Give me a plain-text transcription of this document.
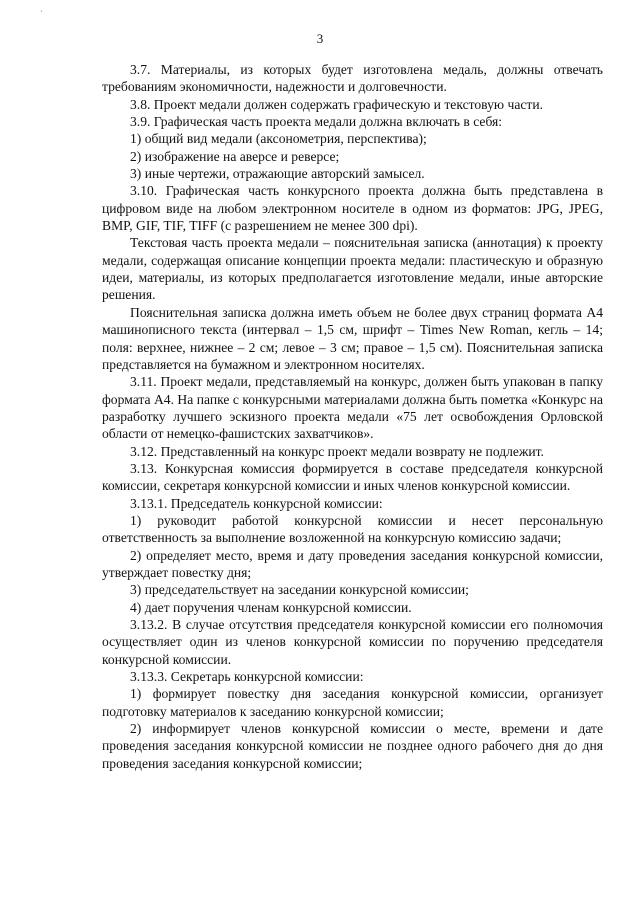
·
3

3.7. Материалы, из которых будет изготовлена медаль, должны отвечать требованиям экономичности, надежности и долговечности.

3.8. Проект медали должен содержать графическую и текстовую части.

3.9. Графическая часть проекта медали должна включать в себя:

1) общий вид медали (аксонометрия, перспектива);

2) изображение на аверсе и реверсе;

3) иные чертежи, отражающие авторский замысел.

3.10. Графическая часть конкурсного проекта должна быть представлена в цифровом виде на любом электронном носителе в одном из форматов: JPG, JPEG, BMP, GIF, TIF, TIFF (с разрешением не менее 300 dpi).

Текстовая часть проекта медали – пояснительная записка (аннотация) к проекту медали, содержащая описание концепции проекта медали: пластическую и образную идеи, материалы, из которых предполагается изготовление медали, иные авторские решения.

Пояснительная записка должна иметь объем не более двух страниц формата А4 машинописного текста (интервал – 1,5 см, шрифт – Times New Roman, кегль – 14; поля: верхнее, нижнее – 2 см; левое – 3 см; правое – 1,5 см). Пояснительная записка представляется на бумажном и электронном носителях.

3.11. Проект медали, представляемый на конкурс, должен быть упакован в папку формата А4. На папке с конкурсными материалами должна быть пометка «Конкурс на разработку лучшего эскизного проекта медали «75 лет освобождения Орловской области от немецко-фашистских захватчиков».

3.12. Представленный на конкурс проект медали возврату не подлежит.

3.13. Конкурсная комиссия формируется в составе председателя конкурсной комиссии, секретаря конкурсной комиссии и иных членов конкурсной комиссии.

3.13.1. Председатель конкурсной комиссии:

1) руководит работой конкурсной комиссии и несет персональную ответственность за выполнение возложенной на конкурсную комиссию задачи;

2) определяет место, время и дату проведения заседания конкурсной комиссии, утверждает повестку дня;

3) председательствует на заседании конкурсной комиссии;

4) дает поручения членам конкурсной комиссии.

3.13.2. В случае отсутствия председателя конкурсной комиссии его полномочия осуществляет один из членов конкурсной комиссии по поручению председателя конкурсной комиссии.

3.13.3. Секретарь конкурсной комиссии:

1) формирует повестку дня заседания конкурсной комиссии, организует подготовку материалов к заседанию конкурсной комиссии;

2) информирует членов конкурсной комиссии о месте, времени и дате проведения заседания конкурсной комиссии не позднее одного рабочего дня до дня проведения заседания конкурсной комиссии;
